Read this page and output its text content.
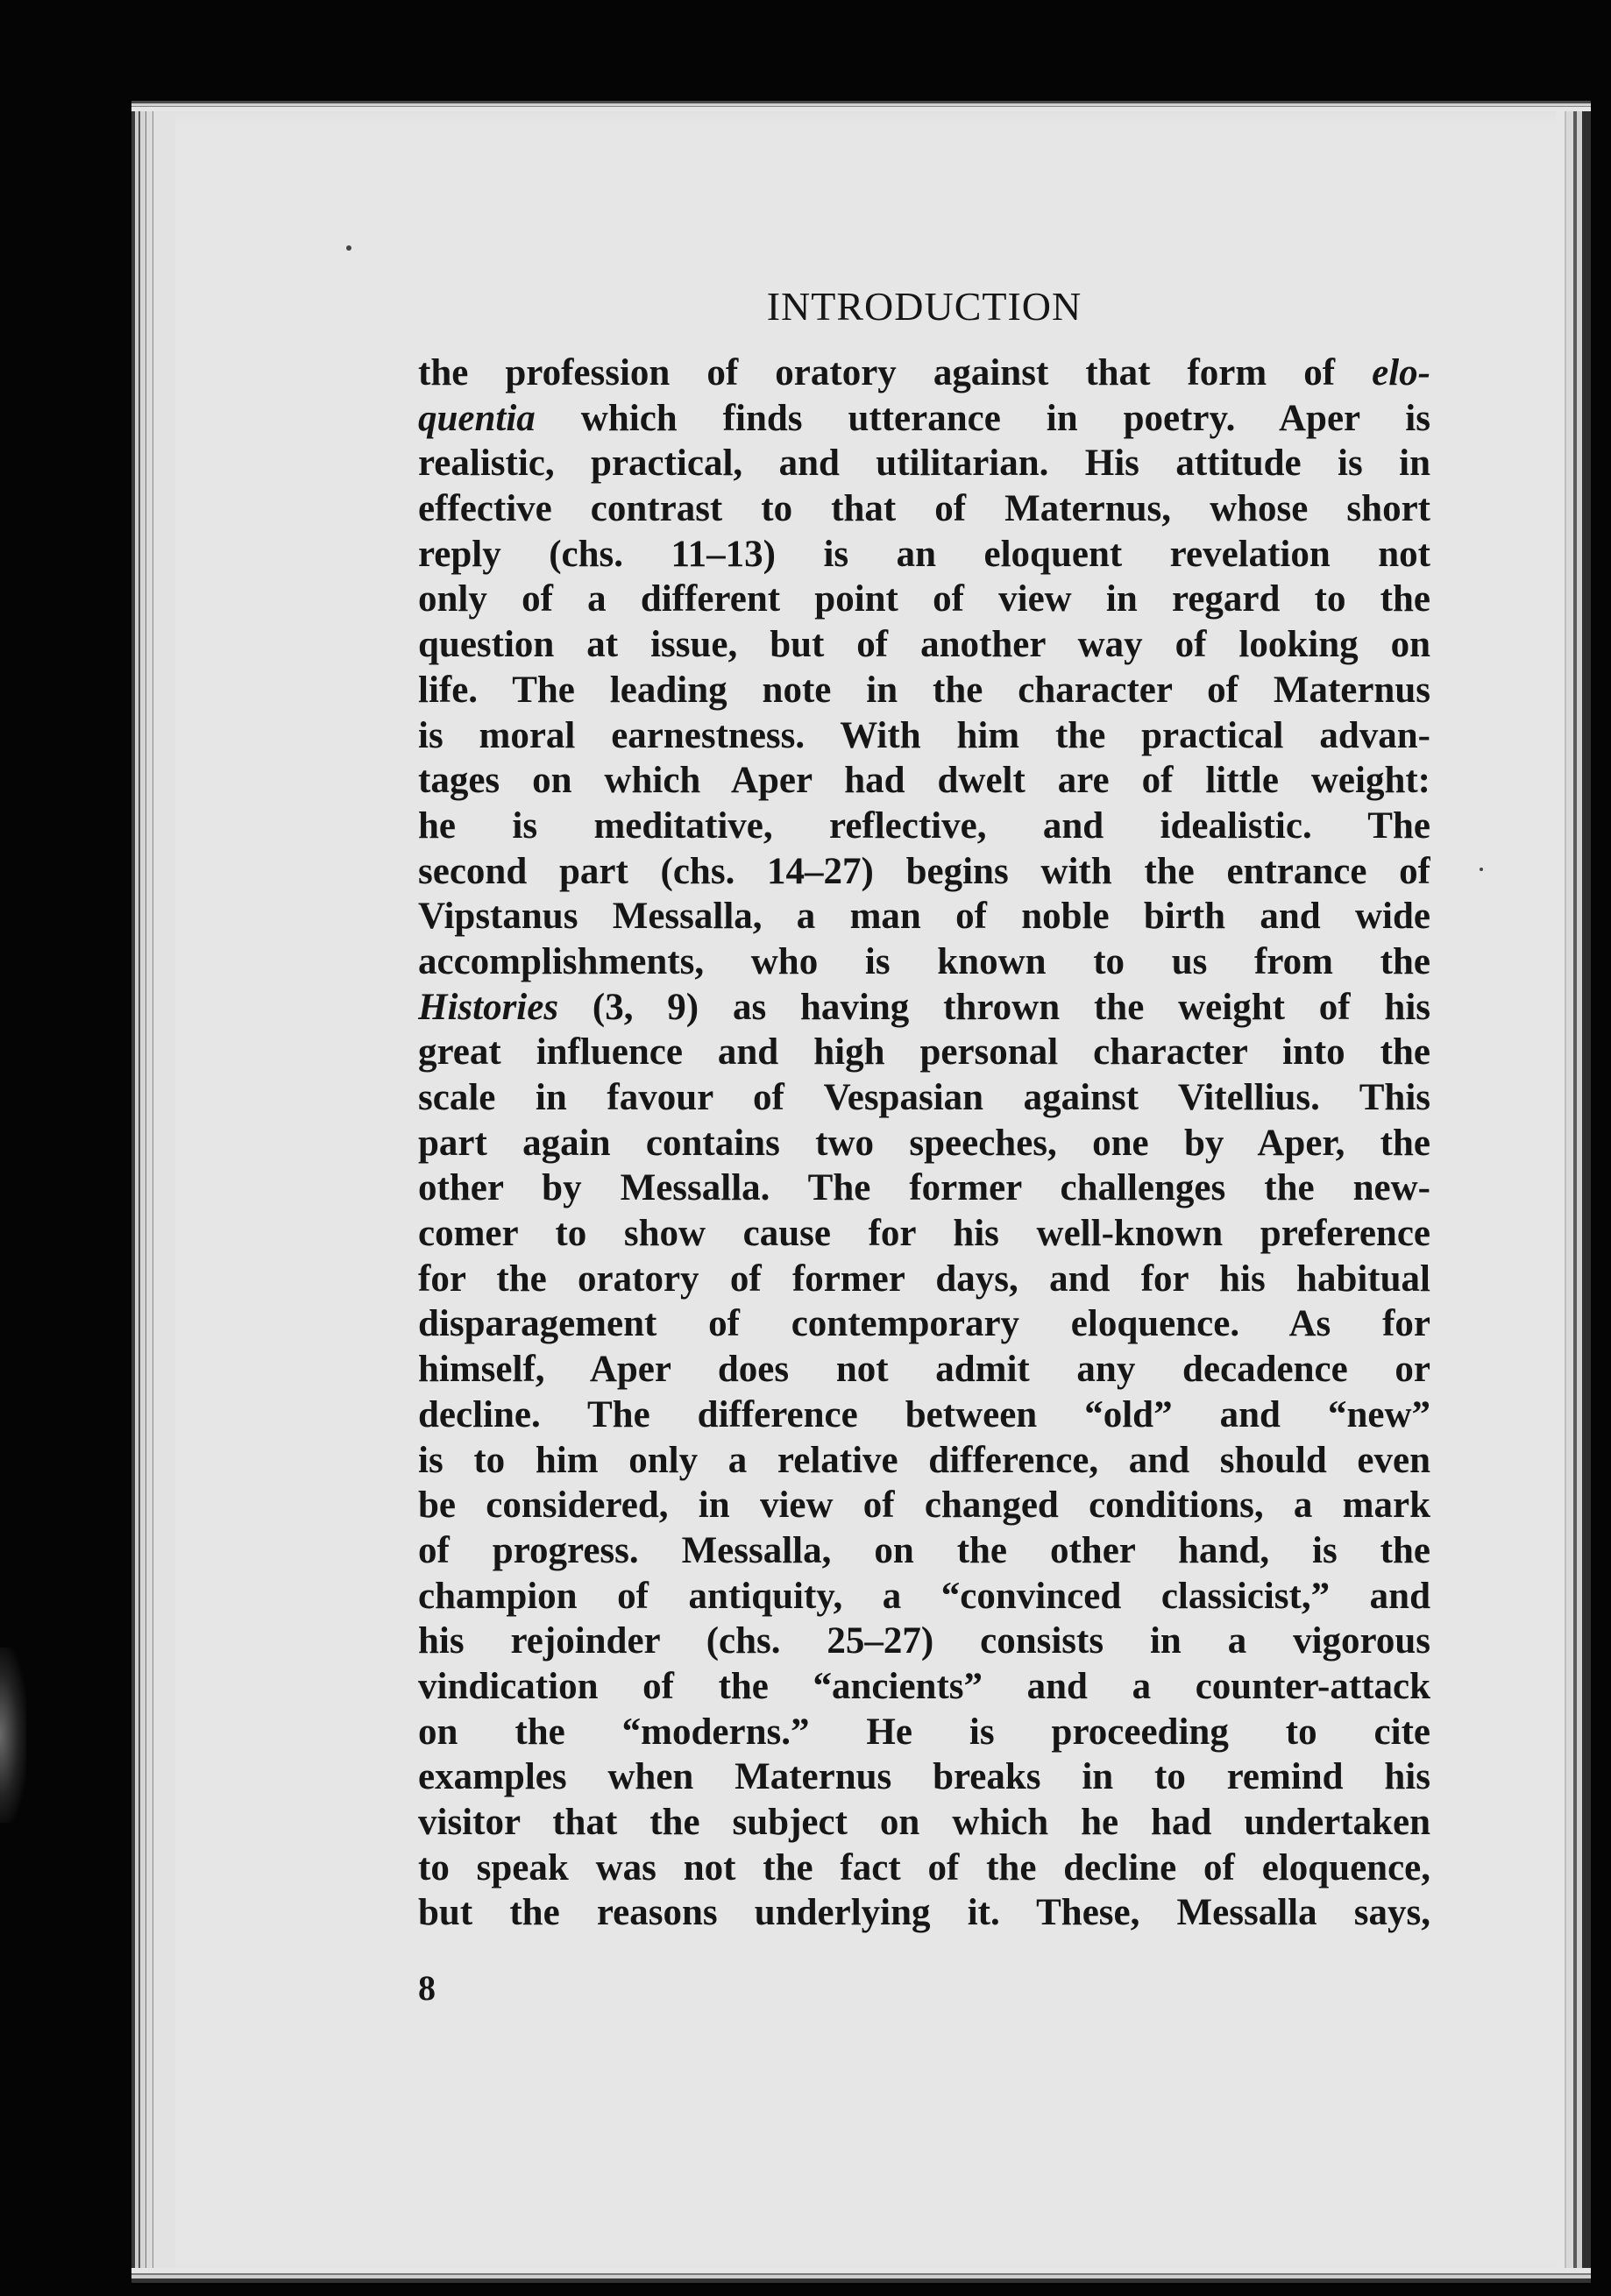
INTRODUCTION
the profession of oratory against that form of elo-
quentia which finds utterance in poetry. Aper is
realistic, practical, and utilitarian. His attitude is in
effective contrast to that of Maternus, whose short
reply (chs. 11–13) is an eloquent revelation not
only of a different point of view in regard to the
question at issue, but of another way of looking on
life. The leading note in the character of Maternus
is moral earnestness. With him the practical advan-
tages on which Aper had dwelt are of little weight:
he is meditative, reflective, and idealistic. The
second part (chs. 14–27) begins with the entrance of
Vipstanus Messalla, a man of noble birth and wide
accomplishments, who is known to us from the
Histories (3, 9) as having thrown the weight of his
great influence and high personal character into the
scale in favour of Vespasian against Vitellius. This
part again contains two speeches, one by Aper, the
other by Messalla. The former challenges the new-
comer to show cause for his well-known preference
for the oratory of former days, and for his habitual
disparagement of contemporary eloquence. As for
himself, Aper does not admit any decadence or
decline. The difference between “old” and “new”
is to him only a relative difference, and should even
be considered, in view of changed conditions, a mark
of progress. Messalla, on the other hand, is the
champion of antiquity, a “convinced classicist,” and
his rejoinder (chs. 25–27) consists in a vigorous
vindication of the “ancients” and a counter-attack
on the “moderns.” He is proceeding to cite
examples when Maternus breaks in to remind his
visitor that the subject on which he had undertaken
to speak was not the fact of the decline of eloquence,
but the reasons underlying it. These, Messalla says,
8
